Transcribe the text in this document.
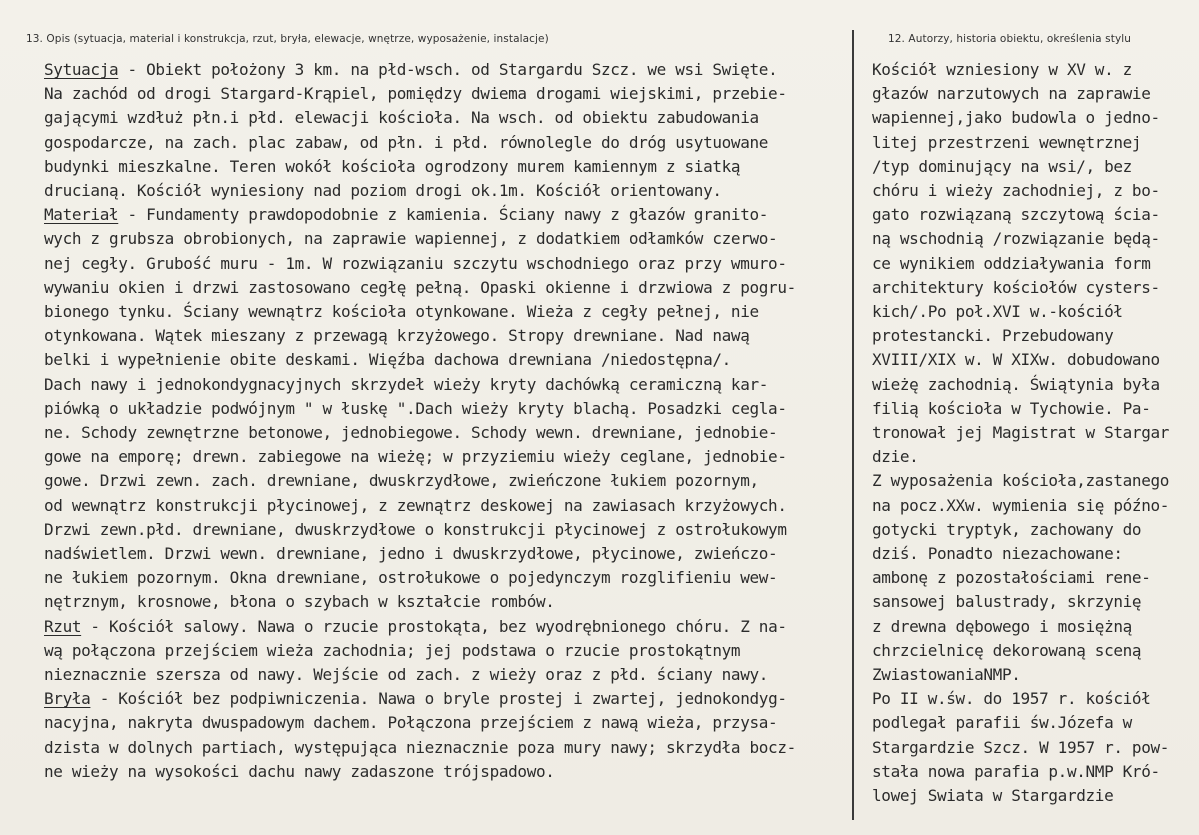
13. Opis (sytuacja, material i konstrukcja, rzut, bryła, elewacje, wnętrze, wyposażenie, instalacje)	12. Autorzy, historia obiektu, określenia stylu
Sytuacja - Obiekt położony 3 km. na płd-wsch. od Stargardu Szcz. we wsi Swięte.
Na zachód od drogi Stargard-Krąpiel, pomiędzy dwiema drogami wiejskimi, przebie-
gającymi wzdłuż płn.i płd. elewacji kościoła. Na wsch. od obiektu zabudowania
gospodarcze, na zach. plac zabaw, od płn. i płd. równolegle do dróg usytuowane
budynki mieszkalne. Teren wokół kościoła ogrodzony murem kamiennym z siatką
drucianą. Kościół wyniesiony nad poziom drogi ok.1m. Kościół orientowany.
Materiał - Fundamenty prawdopodobnie z kamienia. Ściany nawy z głazów granito-
wych z grubsza obrobionych, na zaprawie wapiennej, z dodatkiem odłamków czerwo-
nej cegły. Grubość muru - 1m. W rozwiązaniu szczytu wschodniego oraz przy wmuro-
wywaniu okien i drzwi zastosowano cegłę pełną. Opaski okienne i drzwiowa z pogru-
bionego tynku. Ściany wewnątrz kościoła otynkowane. Wieża z cegły pełnej, nie
otynkowana. Wątek mieszany z przewagą krzyżowego. Stropy drewniane. Nad nawą
belki i wypełnienie obite deskami. Więźba dachowa drewniana /niedostępna/.
Dach nawy i jednokondygnacyjnych skrzydeł wieży kryty dachówką ceramiczną kar-
piówką o układzie podwójnym " w łuskę ".Dach wieży kryty blachą. Posadzki cegla-
ne. Schody zewnętrzne betonowe, jednobiegowe. Schody wewn. drewniane, jednobie-
gowe na emporę; drewn. zabiegowe na wieżę; w przyziemiu wieży ceglane, jednobie-
gowe. Drzwi zewn. zach. drewniane, dwuskrzydłowe, zwieńczone łukiem pozornym,
od wewnątrz konstrukcji płycinowej, z zewnątrz deskowej na zawiasach krzyżowych.
Drzwi zewn.płd. drewniane, dwuskrzydłowe o konstrukcji płycinowej z ostrołukowym
nadświetlem. Drzwi wewn. drewniane, jedno i dwuskrzydłowe, płycinowe, zwieńczo-
ne łukiem pozornym. Okna drewniane, ostrołukowe o pojedynczym rozglifieniu wew-
nętrznym, krosnowe, błona o szybach w kształcie rombów.
Rzut - Kościół salowy. Nawa o rzucie prostokąta, bez wyodrębnionego chóru. Z na-
wą połączona przejściem wieża zachodnia; jej podstawa o rzucie prostokątnym
nieznacznie szersza od nawy. Wejście od zach. z wieży oraz z płd. ściany nawy.
Bryła - Kościół bez podpiwniczenia. Nawa o bryle prostej i zwartej, jednokondyg-
nacyjna, nakryta dwuspadowym dachem. Połączona przejściem z nawą wieża, przysa-
dzista w dolnych partiach, występująca nieznacznie poza mury nawy; skrzydła bocz-
ne wieży na wysokości dachu nawy zadaszone trójspadowo.
Kościół wzniesiony w XV w. z
głazów narzutowych na zaprawie
wapiennej,jako budowla o jedno-
litej przestrzeni wewnętrznej
/typ dominujący na wsi/, bez
chóru i wieży zachodniej, z bo-
gato rozwiązaną szczytową ścia-
ną wschodnią /rozwiązanie będą-
ce wynikiem oddziaływania form
architektury kościołów cysters-
kich/.Po poł.XVI w.-kościół
protestancki. Przebudowany
XVIII/XIX w. W XIXw. dobudowano
wieżę zachodnią. Świątynia była
filią kościoła w Tychowie. Pa-
tronował jej Magistrat w Stargar
dzie.
Z wyposażenia kościoła,zastanego
na pocz.XXw. wymienia się późno-
gotycki tryptyk, zachowany do
dziś. Ponadto niezachowane:
ambonę z pozostałościami rene-
sansowej balustrady, skrzynię
z drewna dębowego i mosiężną
chrzcielnicę dekorowaną sceną
ZwiastowaniaNMP.
Po II w.św. do 1957 r. kościół
podlegał parafii św.Józefa w
Stargardzie Szcz. W 1957 r. pow-
stała nowa parafia p.w.NMP Kró-
lowej Swiata w Stargardzie
